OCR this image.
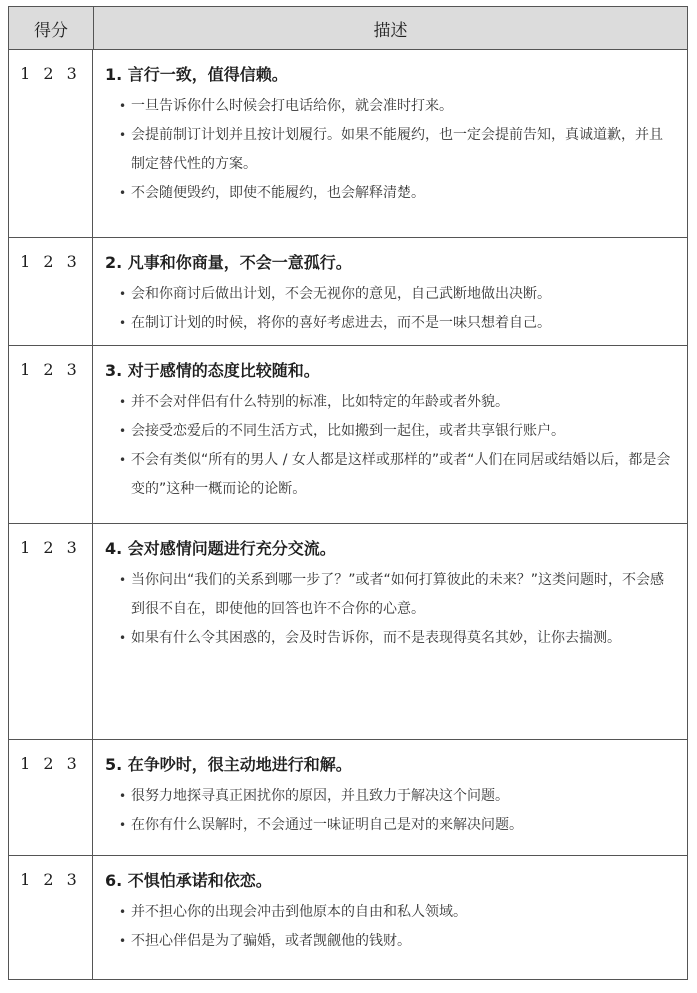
得分	描述
1 2 3	1. 言行一致，值得信赖。
• 一旦告诉你什么时候会打电话给你，就会准时打来。
• 会提前制订计划并且按计划履行。如果不能履约，也一定会提前告知，真诚道歉，并且制定替代性的方案。
• 不会随便毁约，即使不能履约，也会解释清楚。
1 2 3	2. 凡事和你商量，不会一意孤行。
• 会和你商讨后做出计划，不会无视你的意见，自己武断地做出决断。
• 在制订计划的时候，将你的喜好考虑进去，而不是一味只想着自己。
1 2 3	3. 对于感情的态度比较随和。
• 并不会对伴侣有什么特别的标准，比如特定的年龄或者外貌。
• 会接受恋爱后的不同生活方式，比如搬到一起住，或者共享银行账户。
• 不会有类似“所有的男人 / 女人都是这样或那样的”或者“人们在同居或结婚以后，都是会变的”这种一概而论的论断。
1 2 3	4. 会对感情问题进行充分交流。
• 当你问出“我们的关系到哪一步了？”或者“如何打算彼此的未来？”这类问题时，不会感到很不自在，即使他的回答也许不合你的心意。
• 如果有什么令其困惑的，会及时告诉你，而不是表现得莫名其妙，让你去揣测。
1 2 3	5. 在争吵时，很主动地进行和解。
• 很努力地探寻真正困扰你的原因，并且致力于解决这个问题。
• 在你有什么误解时，不会通过一味证明自己是对的来解决问题。
1 2 3	6. 不惧怕承诺和依恋。
• 并不担心你的出现会冲击到他原本的自由和私人领域。
• 不担心伴侣是为了骗婚，或者觊觎他的钱财。
